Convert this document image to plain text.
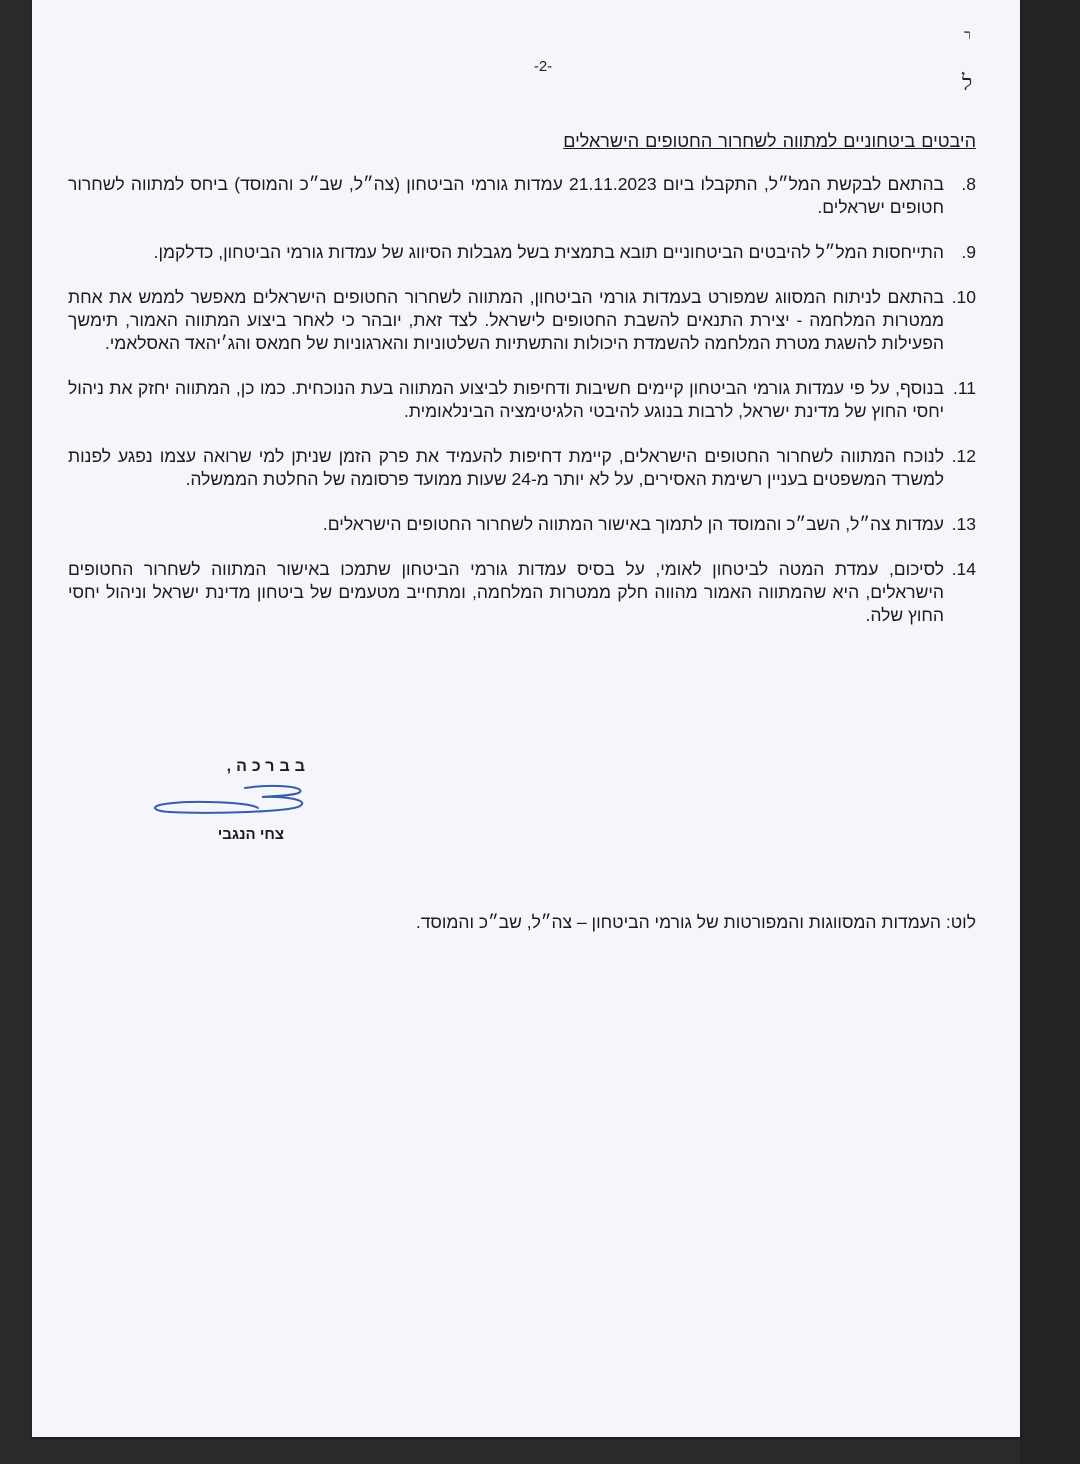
-2-
ר
ל
היבטים ביטחוניים למתווה לשחרור החטופים הישראלים
8.
בהתאם לבקשת המל״ל, התקבלו ביום 21.11.2023 עמדות גורמי הביטחון (צה״ל, שב״כ והמוסד) ביחס למתווה לשחרור חטופים ישראלים.
9.
התייחסות המל״ל להיבטים הביטחוניים תובא בתמצית בשל מגבלות הסיווג של עמדות גורמי הביטחון, כדלקמן.
10.
בהתאם לניתוח המסווג שמפורט בעמדות גורמי הביטחון, המתווה לשחרור החטופים הישראלים מאפשר לממש את אחת ממטרות המלחמה - יצירת התנאים להשבת החטופים לישראל. לצד זאת, יובהר כי לאחר ביצוע המתווה האמור, תימשך הפעילות להשגת מטרת המלחמה להשמדת היכולות והתשתיות השלטוניות והארגוניות של חמאס והג׳יהאד האסלאמי.
11.
בנוסף, על פי עמדות גורמי הביטחון קיימים חשיבות ודחיפות לביצוע המתווה בעת הנוכחית. כמו כן, המתווה יחזק את ניהול יחסי החוץ של מדינת ישראל, לרבות בנוגע להיבטי הלגיטימציה הבינלאומית.
12.
לנוכח המתווה לשחרור החטופים הישראלים, קיימת דחיפות להעמיד את פרק הזמן שניתן למי שרואה עצמו נפגע לפנות למשרד המשפטים בעניין רשימת האסירים, על לא יותר מ-24 שעות ממועד פרסומה של החלטת הממשלה.
13.
עמדות צה״ל, השב״כ והמוסד הן לתמוך באישור המתווה לשחרור החטופים הישראלים.
14.
לסיכום, עמדת המטה לביטחון לאומי, על בסיס עמדות גורמי הביטחון שתמכו באישור המתווה לשחרור החטופים הישראלים, היא שהמתווה האמור מהווה חלק ממטרות המלחמה, ומתחייב מטעמים של ביטחון מדינת ישראל וניהול יחסי החוץ שלה.
בברכה,
צחי הנגבי
לוט: העמדות המסווגות והמפורטות של גורמי הביטחון – צה״ל, שב״כ והמוסד.
